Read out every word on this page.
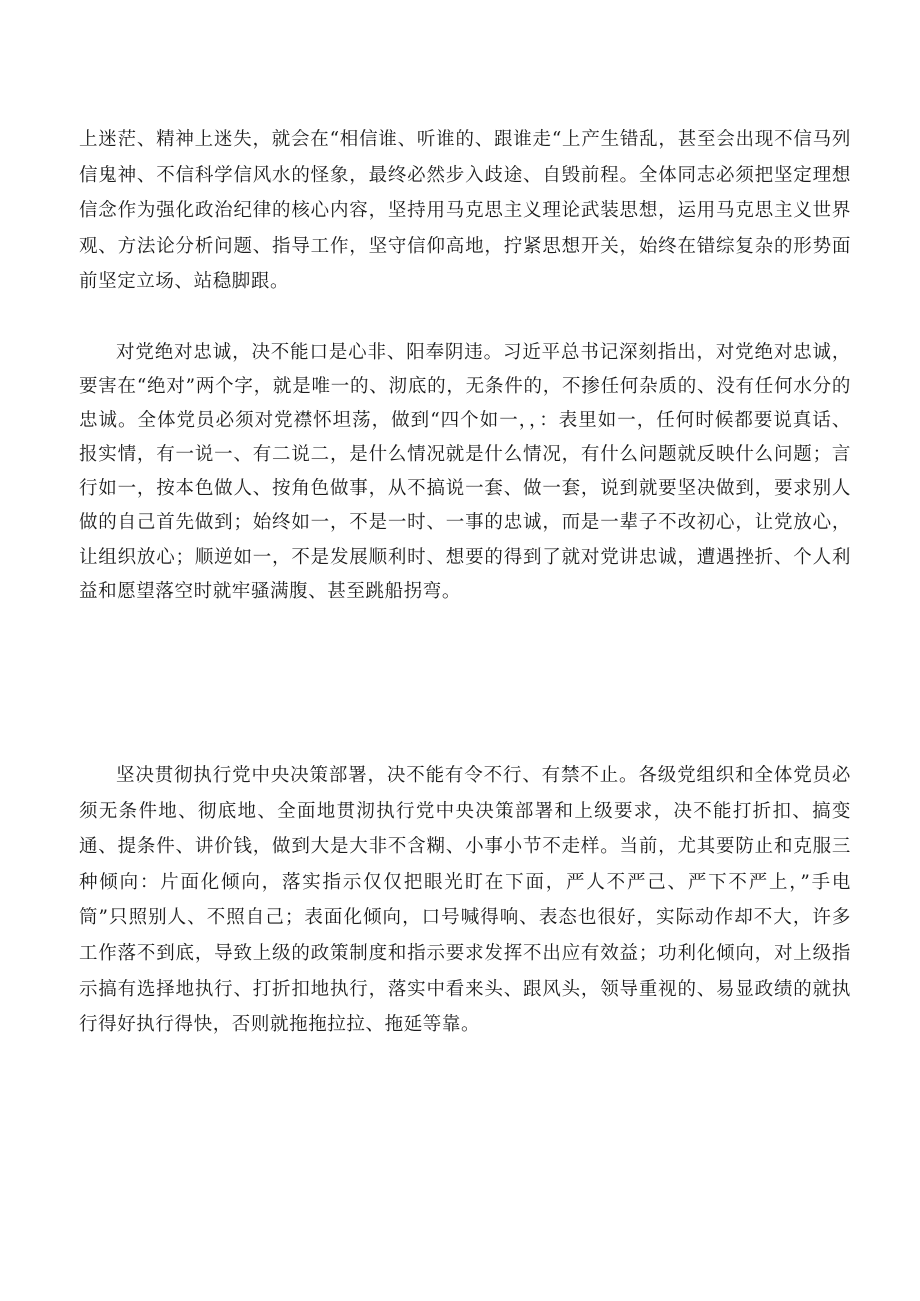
上迷茫、精神上迷失，就会在“相信谁、听谁的、跟谁走“上产生错乱，甚至会出现不信马列信鬼神、不信科学信风水的怪象，最终必然步入歧途、自毁前程。全体同志必须把坚定理想信念作为强化政治纪律的核心内容，坚持用马克思主义理论武装思想，运用马克思主义世界观、方法论分析问题、指导工作，坚守信仰高地，拧紧思想开关，始终在错综复杂的形势面前坚定立场、站稳脚跟。

对党绝对忠诚，决不能口是心非、阳奉阴违。习近平总书记深刻指出，对党绝对忠诚，要害在“绝对”两个字，就是唯一的、沏底的，无条件的，不掺任何杂质的、没有任何水分的忠诚。全体党员必须对党襟怀坦荡，做到“四个如一，，：表里如一，任何时候都要说真话、报实情，有一说一、有二说二，是什么情况就是什么情况，有什么问题就反映什么问题；言行如一，按本色做人、按角色做事，从不搞说一套、做一套，说到就要坚决做到，要求别人做的自己首先做到；始终如一，不是一时、一事的忠诚，而是一辈子不改初心，让党放心，让组织放心；顺逆如一，不是发展顺利时、想要的得到了就对党讲忠诚，遭遇挫折、个人利益和愿望落空时就牢骚满腹、甚至跳船拐弯。

坚决贯彻执行党中央决策部署，决不能有令不行、有禁不止。各级党组织和全体党员必须无条件地、彻底地、全面地贯沏执行党中央决策部署和上级要求，决不能打折扣、搞变通、提条件、讲价钱，做到大是大非不含糊、小事小节不走样。当前，尤其要防止和克服三种倾向：片面化倾向，落实指示仅仅把眼光盯在下面，严人不严己、严下不严上，”手电筒”只照别人、不照自己；表面化倾向，口号喊得响、表态也很好，实际动作却不大，许多工作落不到底，导致上级的政策制度和指示要求发挥不出应有效益；功利化倾向，对上级指示搞有选择地执行、打折扣地执行，落实中看来头、跟风头，领导重视的、易显政绩的就执行得好执行得快，否则就拖拖拉拉、拖延等靠。
